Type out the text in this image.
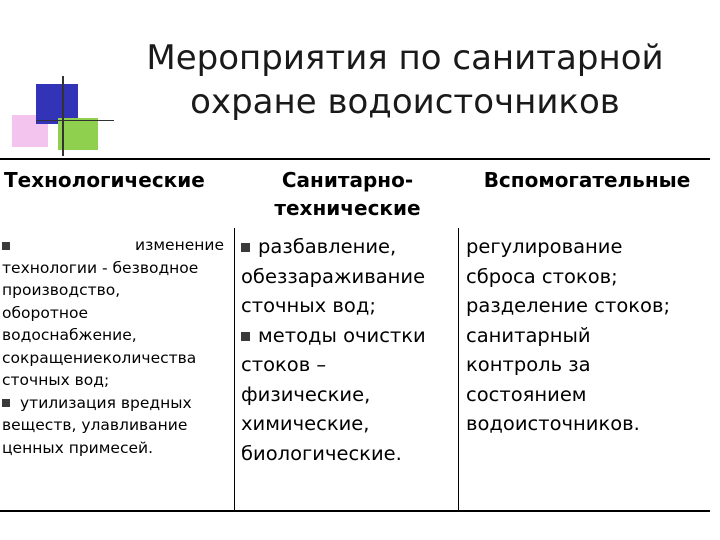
Мероприятия по санитарной
охране водоисточников
Технологические	Санитарно-
технические
Вспомогательные
изменение
технологии - безводное
производство,
оборотное
водоснабжение,
сокращениеколичества
сточных вод;
утилизация вредных
веществ, улавливание
ценных примесей.
разбавление,
обеззараживание
сточных вод;
методы очистки
стоков –
физические,
химические,
биологические.
регулирование
сброса стоков;
разделение стоков;
санитарный
контроль за
состоянием
водоисточников.
